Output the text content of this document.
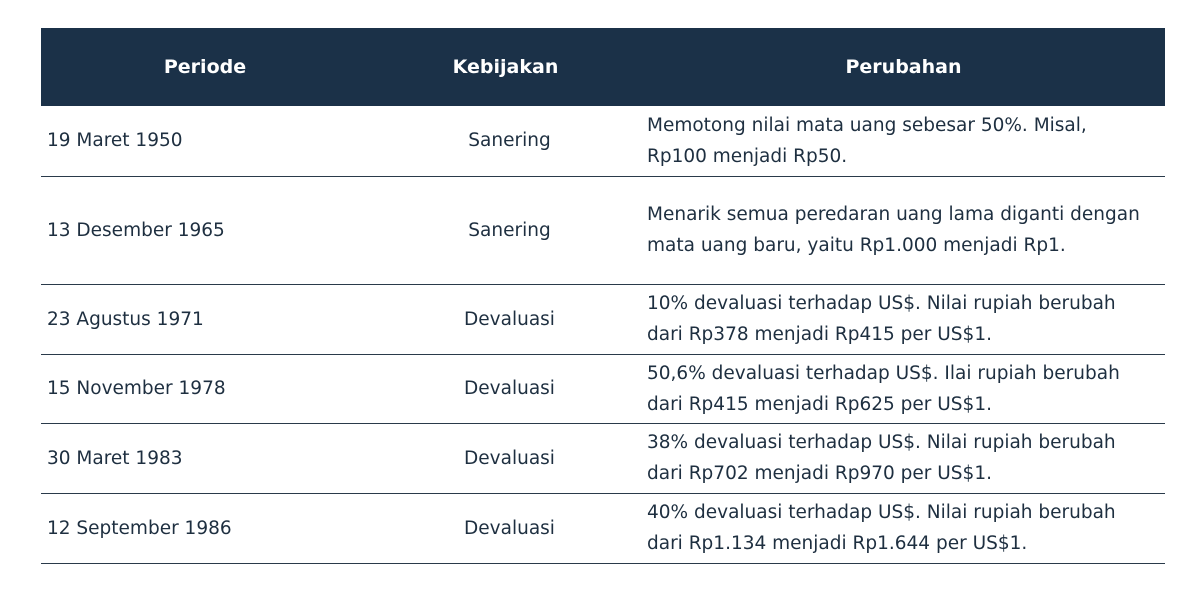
Periode	Kebijakan	Perubahan
19 Maret 1950	Sanering	Memotong nilai mata uang sebesar 50%. Misal, Rp100 menjadi Rp50.
13 Desember 1965	Sanering	Menarik semua peredaran uang lama diganti dengan mata uang baru, yaitu Rp1.000 menjadi Rp1.
23 Agustus 1971	Devaluasi	10% devaluasi terhadap US$. Nilai rupiah berubah dari Rp378 menjadi Rp415 per US$1.
15 November 1978	Devaluasi	50,6% devaluasi terhadap US$. Ilai rupiah berubah dari Rp415 menjadi Rp625 per US$1.
30 Maret 1983	Devaluasi	38% devaluasi terhadap US$. Nilai rupiah berubah dari Rp702 menjadi Rp970 per US$1.
12 September 1986	Devaluasi	40% devaluasi terhadap US$. Nilai rupiah berubah dari Rp1.134 menjadi Rp1.644 per US$1.
